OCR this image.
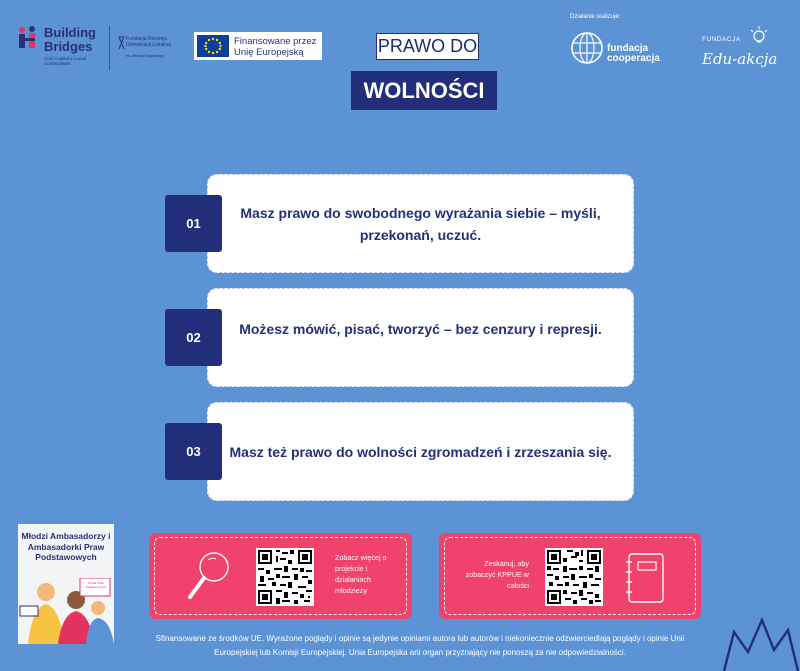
Building
Bridges
Civic Capital in Local Communities
Fundacja Rozwoju Demokracji Lokalnej
im. Jerzego Regulskiego
Finansowane przez
Unię Europejską	PRAWO DO
WOLNOŚCI
Działanie realizuje:
fundacja
cooperacja
FUNDACJA
Edu-akcja
Masz prawo do swobodnego wyrażania siebie – myśli, przekonań, uczuć.
01
Możesz mówić, pisać, tworzyć – bez cenzury i represji.
02
Masz też prawo do wolności zgromadzeń i zrzeszania się.
03
Młodzi Ambasadorzy i Ambasadorki Praw Podstawowych
Środa Praw Podstawowych
Zobacz więcej o projekcie i działaniach młodzieży
Zeskanuj, aby zobaczyć KPPUE w całości
Sfinansowane ze środków UE. Wyrażone poglądy i opinie są jedynie opiniami autora lub autorów i niekoniecznie odzwierciedlają poglądy i opinie Unii Europejskiej lub Komisji Europejskiej. Unia Europejska ani organ przyznający nie ponoszą za nie odpowiedzialności.
